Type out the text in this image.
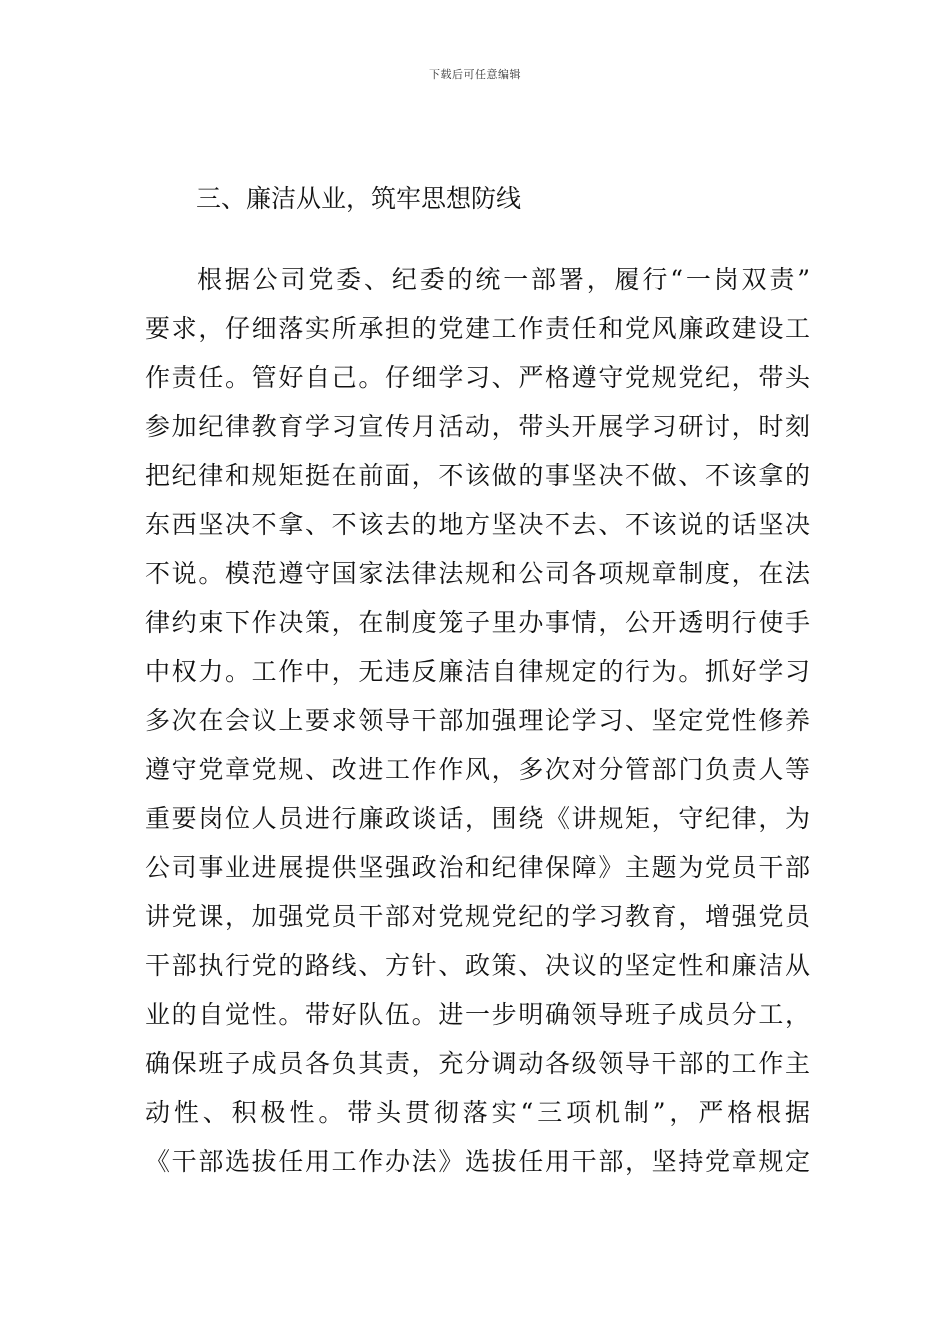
下载后可任意编辑
三、廉洁从业，筑牢思想防线
根据公司党委、纪委的统一部署，履行“一岗双责”
要求，仔细落实所承担的党建工作责任和党风廉政建设工
作责任。管好自己。仔细学习、严格遵守党规党纪，带头
参加纪律教育学习宣传月活动，带头开展学习研讨，时刻
把纪律和规矩挺在前面，不该做的事坚决不做、不该拿的
东西坚决不拿、不该去的地方坚决不去、不该说的话坚决
不说。模范遵守国家法律法规和公司各项规章制度，在法
律约束下作决策，在制度笼子里办事情，公开透明行使手
中权力。工作中，无违反廉洁自律规定的行为。抓好学习
多次在会议上要求领导干部加强理论学习、坚定党性修养
遵守党章党规、改进工作作风，多次对分管部门负责人等
重要岗位人员进行廉政谈话，围绕《讲规矩，守纪律，为
公司事业进展提供坚强政治和纪律保障》主题为党员干部
讲党课，加强党员干部对党规党纪的学习教育，增强党员
干部执行党的路线、方针、政策、决议的坚定性和廉洁从
业的自觉性。带好队伍。进一步明确领导班子成员分工，
确保班子成员各负其责，充分调动各级领导干部的工作主
动性、积极性。带头贯彻落实“三项机制”，严格根据
《干部选拔任用工作办法》选拔任用干部，坚持党章规定
